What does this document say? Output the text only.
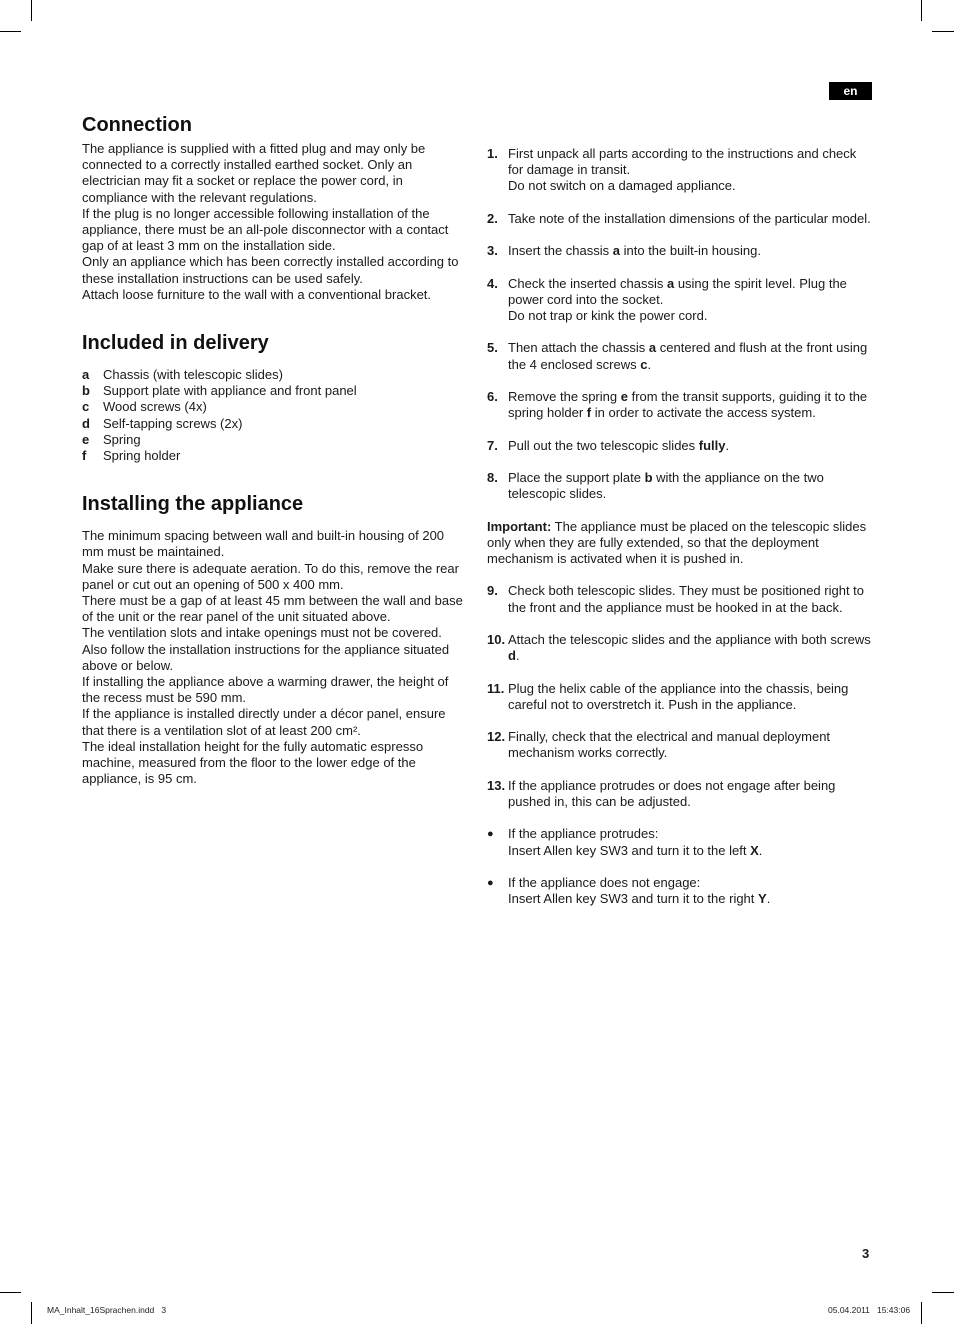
en
Connection

The appliance is supplied with a fitted plug and may only be connected to a correctly installed earthed socket. Only an electrician may fit a socket or replace the power cord, in compliance with the relevant regulations.

If the plug is no longer accessible following installation of the appliance, there must be an all-pole disconnector with a contact gap of at least 3 mm on the installation side.

Only an appliance which has been correctly installed according to these installation instructions can be used safely.

Attach loose furniture to the wall with a conventional bracket.

Included in delivery
a	Chassis (with telescopic slides)
b	Support plate with appliance and front panel
c	Wood screws (4x)
d	Self-tapping screws (2x)
e	Spring
f	Spring holder
Installing the appliance

The minimum spacing between wall and built-in housing of 200 mm must be maintained.

Make sure there is adequate aeration. To do this, remove the rear panel or cut out an opening of 500 x 400 mm.

There must be a gap of at least 45 mm between the wall and base of the unit or the rear panel of the unit situated above.

The ventilation slots and intake openings must not be covered.

Also follow the installation instructions for the appliance situated above or below.

If installing the appliance above a warming drawer, the height of the recess must be 590 mm.

If the appliance is installed directly under a décor panel, ensure that there is a ventilation slot of at least 200 cm².

The ideal installation height for the fully automatic espresso machine, measured from the floor to the lower edge of the appliance, is 95 cm.

1. First unpack all parts according to the instructions and check for damage in transit.

Do not switch on a damaged appliance.

2. Take note of the installation dimensions of the particular model.

3. Insert the chassis a into the built-in housing.

4. Check the inserted chassis a using the spirit level. Plug the power cord into the socket.

Do not trap or kink the power cord.

5. Then attach the chassis a centered and flush at the front using the 4 enclosed screws c.

6. Remove the spring e from the transit supports, guiding it to the spring holder f in order to activate the access system.

7. Pull out the two telescopic slides fully.

8. Place the support plate b with the appliance on the two telescopic slides.

Important: The appliance must be placed on the telescopic slides only when they are fully extended, so that the deployment mechanism is activated when it is pushed in.

9. Check both telescopic slides. They must be positioned right to the front and the appliance must be hooked in at the back.

10. Attach the telescopic slides and the appliance with both screws d.

11. Plug the helix cable of the appliance into the chassis, being careful not to overstretch it. Push in the appliance.

12. Finally, check that the electrical and manual deployment mechanism works correctly.

13. If the appliance protrudes or does not engage after being pushed in, this can be adjusted.

●	If the appliance protrudes:

Insert Allen key SW3 and turn it to the left X.

●	If the appliance does not engage:

Insert Allen key SW3 and turn it to the right Y.

3
MA_Inhalt_16Sprachen.indd   3	05.04.2011   15:43:06
